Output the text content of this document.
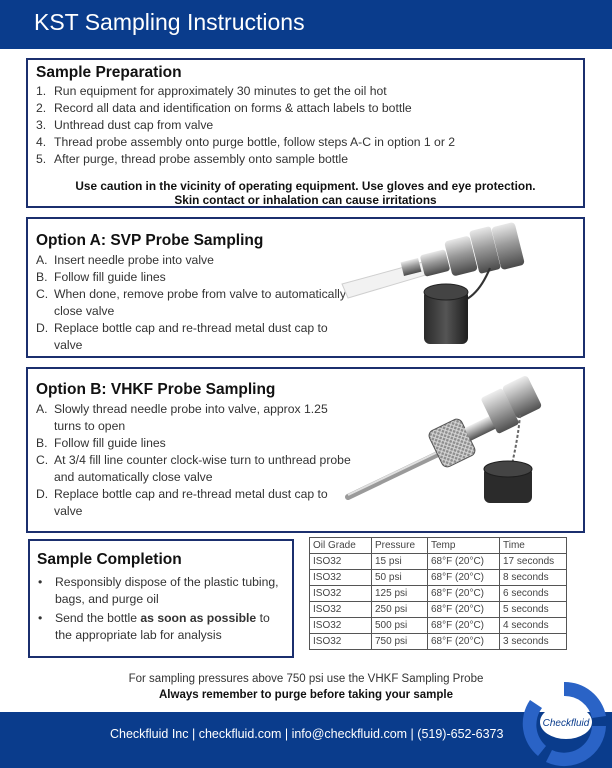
KST Sampling Instructions
Sample Preparation
1. Run equipment for approximately 30 minutes to get the oil hot
2. Record all data and identification on forms & attach labels to bottle
3. Unthread dust cap from valve
4. Thread probe assembly onto purge bottle, follow steps A-C in option 1 or 2
5. After purge, thread probe assembly onto sample bottle
Use caution in the vicinity of operating equipment. Use gloves and eye protection.
Skin contact or inhalation can cause irritations
Option A: SVP Probe Sampling
A. Insert needle probe into valve
B. Follow fill guide lines
C. When done, remove probe from valve to automatically close valve
D. Replace bottle cap and re-thread metal dust cap to valve
Option B: VHKF Probe Sampling
A. Slowly thread needle probe into valve, approx 1.25 turns to open
B. Follow fill guide lines
C. At 3/4 fill line counter clock-wise turn to unthread probe and automatically close valve
D. Replace bottle cap and re-thread metal dust cap to valve
Sample Completion
•	Responsibly dispose of the plastic tubing, bags, and purge oil
•	Send the bottle as soon as possible to the appropriate lab for analysis
Oil Grade	Pressure	Temp	Time
ISO32	15 psi	68°F (20°C)	17 seconds
ISO32	50 psi	68°F (20°C)	8 seconds
ISO32	125 psi	68°F (20°C)	6 seconds
ISO32	250 psi	68°F (20°C)	5 seconds
ISO32	500 psi	68°F (20°C)	4 seconds
ISO32	750 psi	68°F (20°C)	3 seconds
For sampling pressures above 750 psi use the VHKF Sampling Probe
Always remember to purge before taking your sample
Checkfluid Inc | checkfluid.com | info@checkfluid.com | (519)-652-6373
Checkfluid
